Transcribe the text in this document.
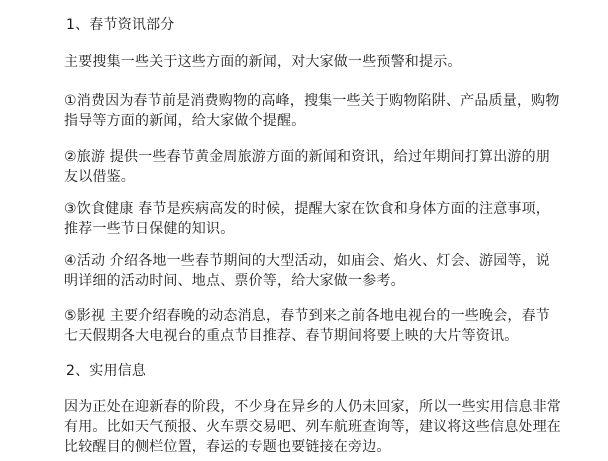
1、春节资讯部分
主要搜集一些关于这些方面的新闻，对大家做一些预警和提示。
①消费因为春节前是消费购物的高峰，搜集一些关于购物陷阱、产品质量，购物
指导等方面的新闻，给大家做个提醒。
②旅游 提供一些春节黄金周旅游方面的新闻和资讯，给过年期间打算出游的朋
友以借鉴。
③饮食健康 春节是疾病高发的时候，提醒大家在饮食和身体方面的注意事项，
推荐一些节日保健的知识。
④活动 介绍各地一些春节期间的大型活动，如庙会、焰火、灯会、游园等，说
明详细的活动时间、地点、票价等，给大家做一参考。
⑤影视 主要介绍春晚的动态消息，春节到来之前各地电视台的一些晚会，春节
七天假期各大电视台的重点节目推荐、春节期间将要上映的大片等资讯。
2、实用信息
因为正处在迎新春的阶段，不少身在异乡的人仍未回家，所以一些实用信息非常
有用。比如天气预报、火车票交易吧、列车航班查询等，建议将这些信息处理在
比较醒目的侧栏位置，春运的专题也要链接在旁边。
